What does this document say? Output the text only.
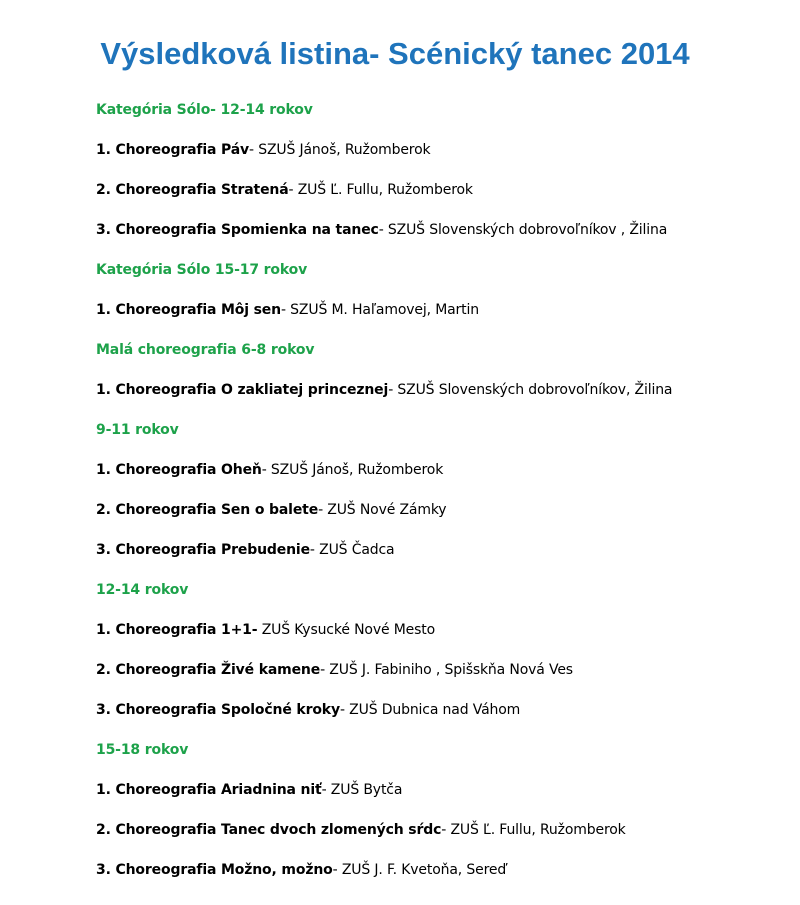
Výsledková listina- Scénický tanec 2014
Kategória Sólo- 12-14 rokov
1. Choreografia Páv- SZUŠ Jánoš, Ružomberok
2. Choreografia Stratená- ZUŠ Ľ. Fullu, Ružomberok
3. Choreografia Spomienka na tanec- SZUŠ Slovenských dobrovoľníkov , Žilina
Kategória Sólo 15-17 rokov
1. Choreografia Môj sen- SZUŠ M. Haľamovej, Martin
Malá choreografia 6-8 rokov
1. Choreografia O zakliatej princeznej- SZUŠ Slovenských dobrovoľníkov, Žilina
9-11 rokov
1. Choreografia Oheň- SZUŠ Jánoš, Ružomberok
2. Choreografia Sen o balete- ZUŠ Nové Zámky
3. Choreografia Prebudenie- ZUŠ Čadca
12-14 rokov
1. Choreografia 1+1- ZUŠ Kysucké Nové Mesto
2. Choreografia Živé kamene- ZUŠ J. Fabiniho , Spišskňa Nová Ves
3. Choreografia Spoločné kroky- ZUŠ Dubnica nad Váhom
15-18 rokov
1. Choreografia Ariadnina niť- ZUŠ Bytča
2. Choreografia Tanec dvoch zlomených sŕdc- ZUŠ Ľ. Fullu, Ružomberok
3. Choreografia Možno, možno- ZUŠ J. F. Kvetoňa, Sereď
